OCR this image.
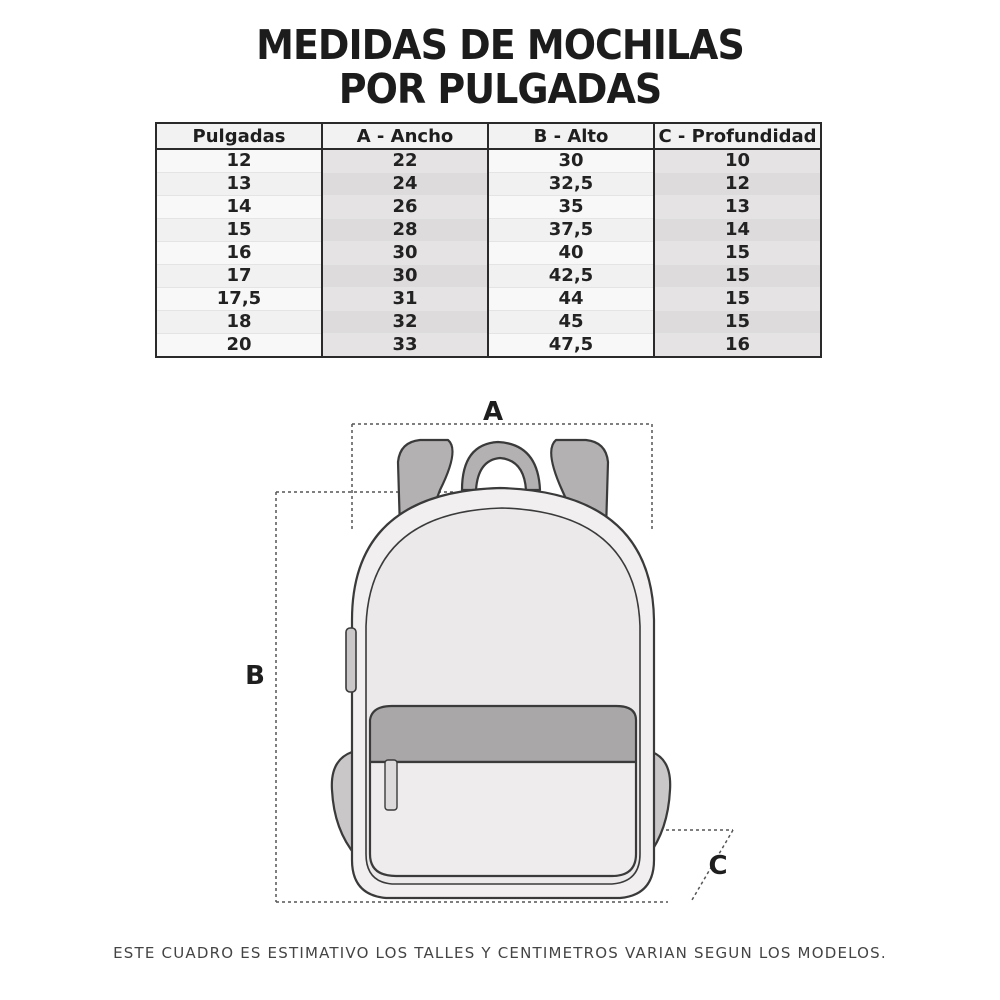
MEDIDAS DE MOCHILAS
POR PULGADAS
Pulgadas	A - Ancho	B - Alto	C - Profundidad
12	22	30	10
13	24	32,5	12
14	26	35	13
15	28	37,5	14
16	30	40	15
17	30	42,5	15
17,5	31	44	15
18	32	45	15
20	33	47,5	16
A
B
C
ESTE CUADRO ES ESTIMATIVO LOS TALLES Y CENTIMETROS VARIAN SEGUN LOS MODELOS.
